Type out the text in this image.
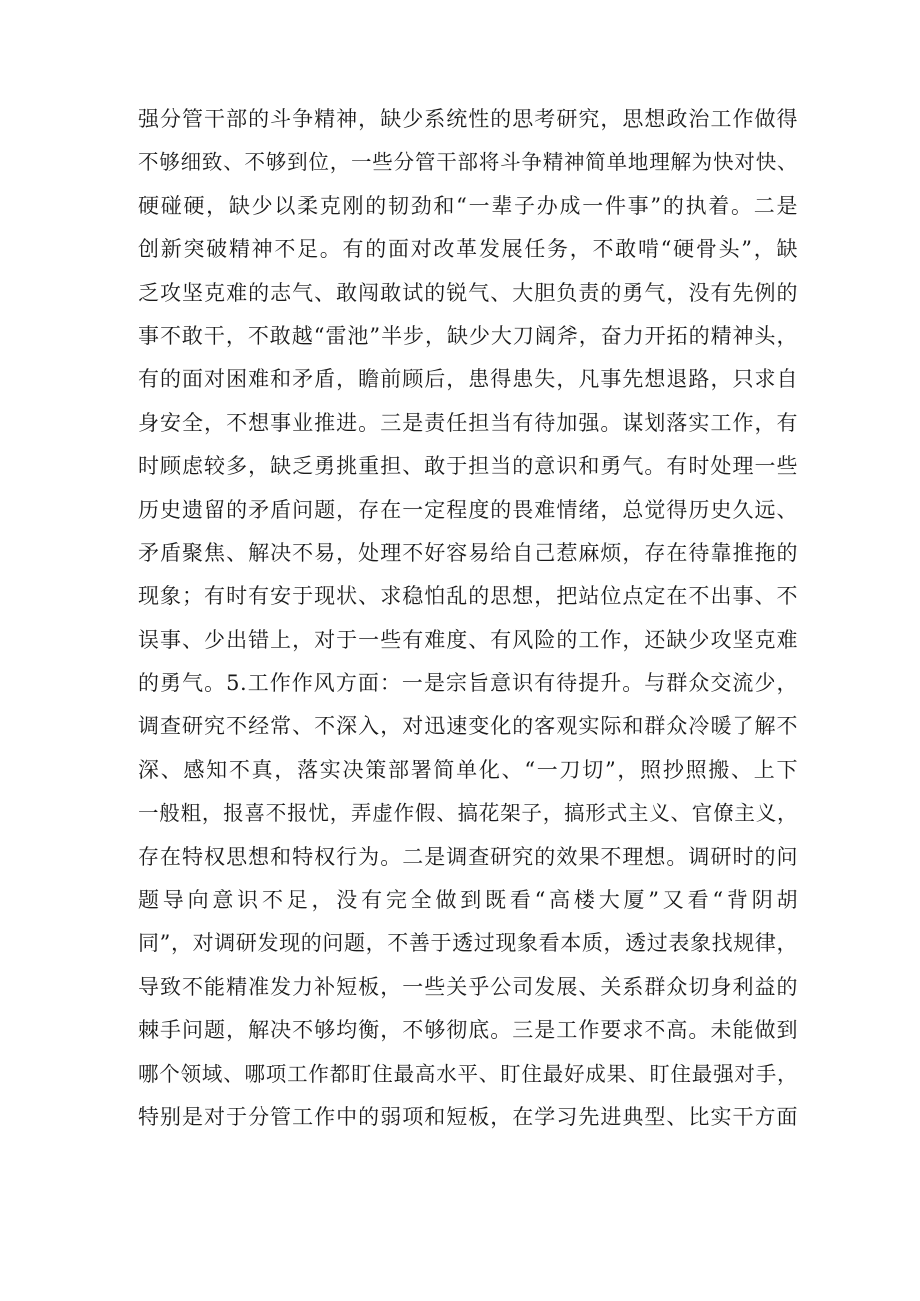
强分管干部的斗争精神，缺少系统性的思考研究，思想政治工作做得
不够细致、不够到位，一些分管干部将斗争精神简单地理解为快对快、
硬碰硬，缺少以柔克刚的韧劲和“一辈子办成一件事”的执着。二是
创新突破精神不足。有的面对改革发展任务，不敢啃“硬骨头”，缺
乏攻坚克难的志气、敢闯敢试的锐气、大胆负责的勇气，没有先例的
事不敢干，不敢越“雷池”半步，缺少大刀阔斧，奋力开拓的精神头，
有的面对困难和矛盾，瞻前顾后，患得患失，凡事先想退路，只求自
身安全，不想事业推进。三是责任担当有待加强。谋划落实工作，有
时顾虑较多，缺乏勇挑重担、敢于担当的意识和勇气。有时处理一些
历史遗留的矛盾问题，存在一定程度的畏难情绪，总觉得历史久远、
矛盾聚焦、解决不易，处理不好容易给自己惹麻烦，存在待靠推拖的
现象；有时有安于现状、求稳怕乱的思想，把站位点定在不出事、不
误事、少出错上，对于一些有难度、有风险的工作，还缺少攻坚克难
的勇气。5.工作作风方面：一是宗旨意识有待提升。与群众交流少，
调查研究不经常、不深入，对迅速变化的客观实际和群众冷暖了解不
深、感知不真，落实决策部署简单化、“一刀切”，照抄照搬、上下
一般粗，报喜不报忧，弄虚作假、搞花架子，搞形式主义、官僚主义，
存在特权思想和特权行为。二是调查研究的效果不理想。调研时的问
题导向意识不足，没有完全做到既看“高楼大厦”又看“背阴胡
同”，对调研发现的问题，不善于透过现象看本质，透过表象找规律，
导致不能精准发力补短板，一些关乎公司发展、关系群众切身利益的
棘手问题，解决不够均衡，不够彻底。三是工作要求不高。未能做到
哪个领域、哪项工作都盯住最高水平、盯住最好成果、盯住最强对手，
特别是对于分管工作中的弱项和短板，在学习先进典型、比实干方面
